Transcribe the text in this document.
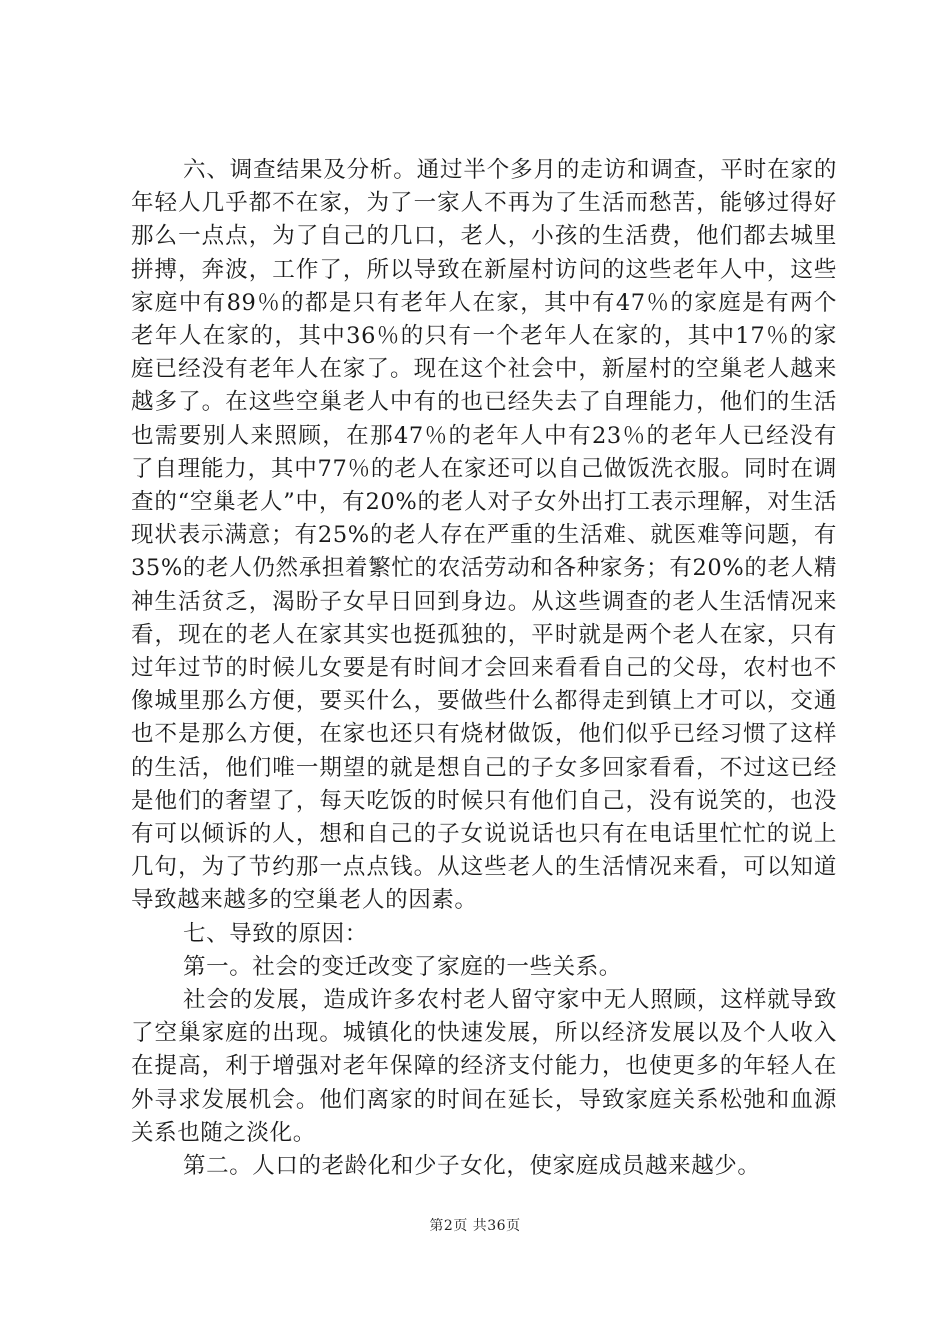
六、调查结果及分析。通过半个多月的走访和调查，平时在家的年轻人几乎都不在家，为了一家人不再为了生活而愁苦，能够过得好那么一点点，为了自己的几口，老人，小孩的生活费，他们都去城里拼搏，奔波，工作了，所以导致在新屋村访问的这些老年人中，这些家庭中有89％的都是只有老年人在家，其中有47％的家庭是有两个老年人在家的，其中36％的只有一个老年人在家的，其中17％的家庭已经没有老年人在家了。现在这个社会中，新屋村的空巢老人越来越多了。在这些空巢老人中有的也已经失去了自理能力，他们的生活也需要别人来照顾，在那47％的老年人中有23％的老年人已经没有了自理能力，其中77％的老人在家还可以自己做饭洗衣服。同时在调查的“空巢老人”中，有20%的老人对子女外出打工表示理解，对生活现状表示满意；有25%的老人存在严重的生活难、就医难等问题，有35%的老人仍然承担着繁忙的农活劳动和各种家务；有20%的老人精神生活贫乏，渴盼子女早日回到身边。从这些调查的老人生活情况来看，现在的老人在家其实也挺孤独的，平时就是两个老人在家，只有过年过节的时候儿女要是有时间才会回来看看自己的父母，农村也不像城里那么方便，要买什么，要做些什么都得走到镇上才可以，交通也不是那么方便，在家也还只有烧材做饭，他们似乎已经习惯了这样的生活，他们唯一期望的就是想自己的子女多回家看看，不过这已经是他们的奢望了，每天吃饭的时候只有他们自己，没有说笑的，也没有可以倾诉的人，想和自己的子女说说话也只有在电话里忙忙的说上几句，为了节约那一点点钱。从这些老人的生活情况来看，可以知道导致越来越多的空巢老人的因素。

七、导致的原因：

第一。社会的变迁改变了家庭的一些关系。

社会的发展，造成许多农村老人留守家中无人照顾，这样就导致了空巢家庭的出现。城镇化的快速发展，所以经济发展以及个人收入在提高，利于增强对老年保障的经济支付能力，也使更多的年轻人在外寻求发展机会。他们离家的时间在延长，导致家庭关系松弛和血源关系也随之淡化。

第二。人口的老龄化和少子女化，使家庭成员越来越少。

第2页 共36页
